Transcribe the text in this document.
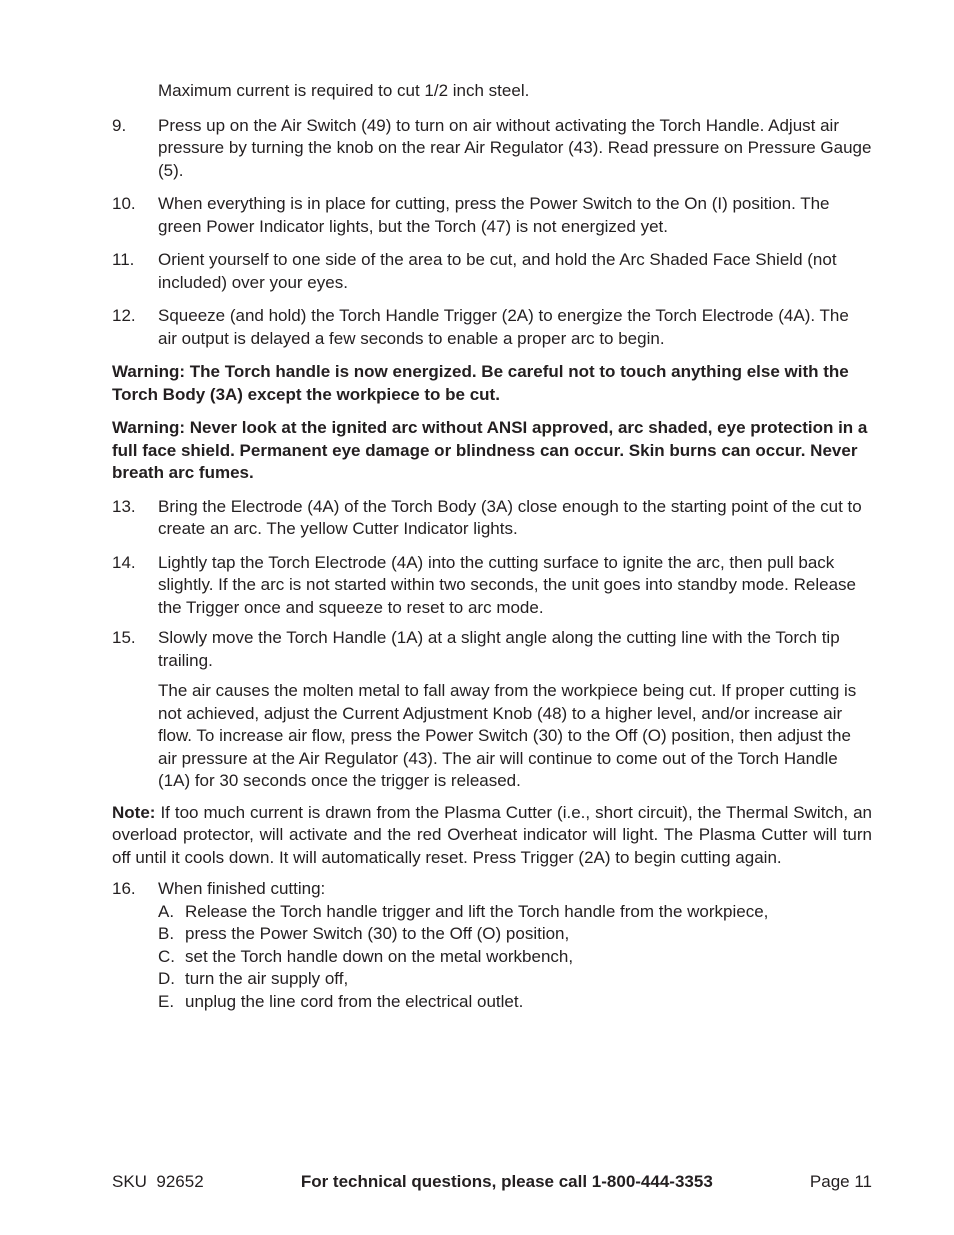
Maximum current is required to cut 1/2 inch steel.
9.	Press up on the Air Switch (49) to turn on air without activating the Torch Handle. Adjust air pressure by turning the knob on the rear Air Regulator (43). Read pressure on Pressure Gauge (5).
10.	When everything is in place for cutting, press the Power Switch to the On (I) position. The green Power Indicator lights, but the Torch (47) is not energized yet.
11.	Orient yourself to one side of the area to be cut, and hold the Arc Shaded Face Shield (not included) over your eyes.
12.	Squeeze (and hold) the Torch Handle Trigger (2A) to energize the Torch Electrode (4A). The air output is delayed a few seconds to enable a proper arc to begin.
Warning: The Torch handle is now energized. Be careful not to touch anything else with the Torch Body (3A) except the workpiece to be cut.
Warning: Never look at the ignited arc without ANSI approved, arc shaded, eye protection in a full face shield. Permanent eye damage or blindness can occur. Skin burns can occur. Never breath arc fumes.
13.	Bring the Electrode (4A) of the Torch Body (3A) close enough to the starting point of the cut to create an arc. The yellow Cutter Indicator lights.
14.	Lightly tap the Torch Electrode (4A) into the cutting surface to ignite the arc, then pull back slightly. If the arc is not started within two seconds, the unit goes into standby mode. Release the Trigger once and squeeze to reset to arc mode.
15.	Slowly move the Torch Handle (1A) at a slight angle along the cutting line with the Torch tip trailing.
The air causes the molten metal to fall away from the workpiece being cut. If proper cutting is not achieved, adjust the Current Adjustment Knob (48) to a higher level, and/or increase air flow. To increase air flow, press the Power Switch (30) to the Off (O) position, then adjust the air pressure at the Air Regulator (43). The air will continue to come out of the Torch Handle (1A) for 30 seconds once the trigger is released.
Note: If too much current is drawn from the Plasma Cutter (i.e., short circuit), the Thermal Switch, an overload protector, will activate and the red Overheat indicator will light. The Plasma Cutter will turn off until it cools down. It will automatically reset. Press Trigger (2A) to begin cutting again.
16.	When finished cutting:
A. Release the Torch handle trigger and lift the Torch handle from the workpiece,
B. press the Power Switch (30) to the Off (O) position,
C. set the Torch handle down on the metal workbench,
D. turn the air supply off,
E. unplug the line cord from the electrical outlet.
SKU  92652	For technical questions, please call 1-800-444-3353	Page 11
